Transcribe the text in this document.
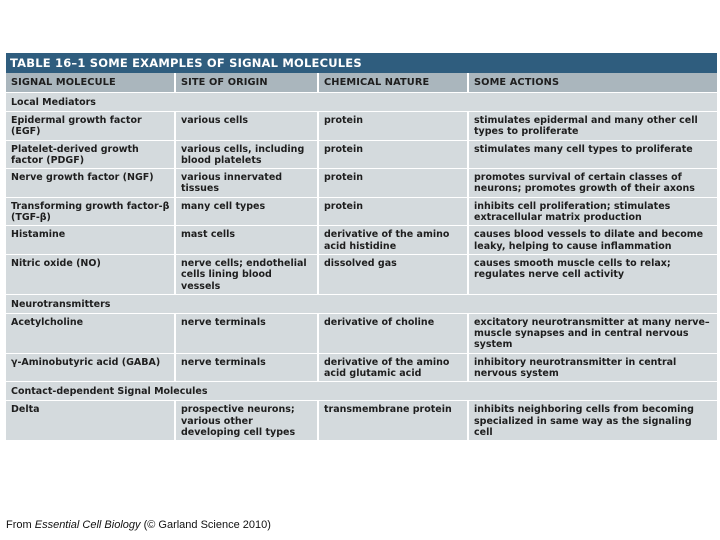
TABLE 16–1 SOME EXAMPLES OF SIGNAL MOLECULES
SIGNAL MOLECULE	SITE OF ORIGIN	CHEMICAL NATURE	SOME ACTIONS
Local Mediators			
Epidermal growth factor (EGF)	various cells	protein	stimulates epidermal and many other cell types to proliferate
Platelet-derived growth factor (PDGF)	various cells, including blood platelets	protein	stimulates many cell types to proliferate
Nerve growth factor (NGF)	various innervated tissues	protein	promotes survival of certain classes of neurons; promotes growth of their axons
Transforming growth factor-β (TGF-β)	many cell types	protein	inhibits cell proliferation; stimulates extracellular matrix production
Histamine	mast cells	derivative of the amino acid histidine	causes blood vessels to dilate and become leaky, helping to cause inflammation
Nitric oxide (NO)	nerve cells; endothelial cells lining blood vessels	dissolved gas	causes smooth muscle cells to relax; regulates nerve cell activity
Neurotransmitters			
Acetylcholine	nerve terminals	derivative of choline	excitatory neurotransmitter at many nerve–muscle synapses and in central nervous system
γ-Aminobutyric acid (GABA)	nerve terminals	derivative of the amino acid glutamic acid	inhibitory neurotransmitter in central nervous system
Contact-dependent Signal Molecules			
Delta	prospective neurons; various other developing cell types	transmembrane protein	inhibits neighboring cells from becoming specialized in same way as the signaling cell
From Essential Cell Biology (© Garland Science 2010)
